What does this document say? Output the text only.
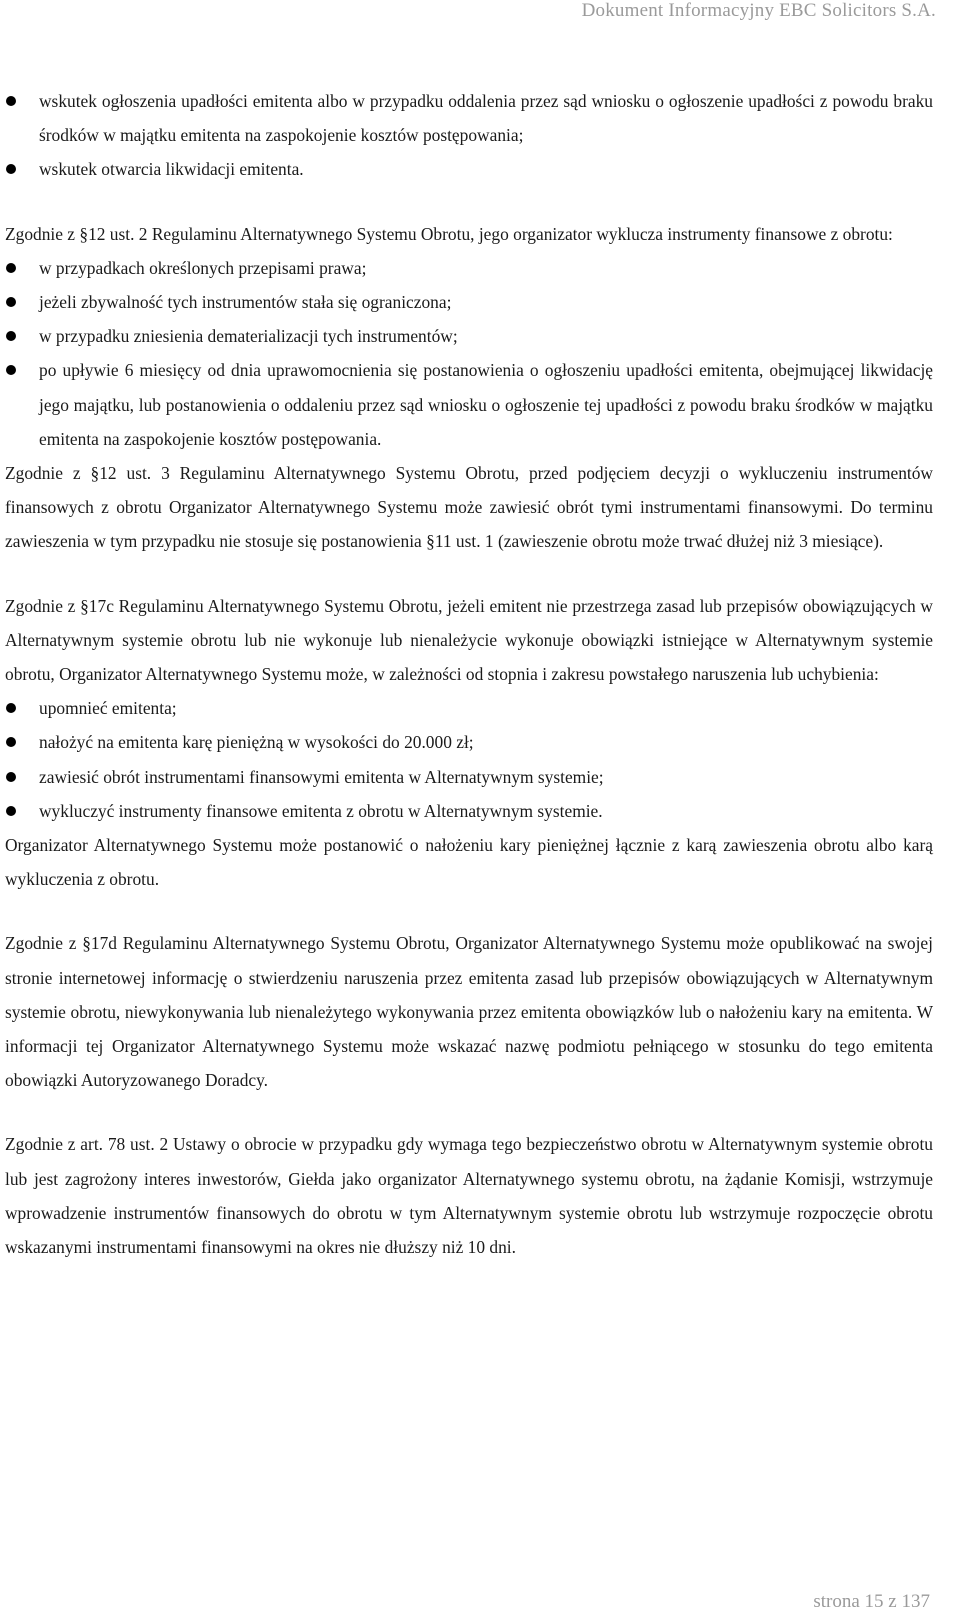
Dokument Informacyjny EBC Solicitors S.A.
wskutek ogłoszenia upadłości emitenta albo w przypadku oddalenia przez sąd wniosku o ogłoszenie upadłości z powodu braku środków w majątku emitenta na zaspokojenie kosztów postępowania;
wskutek otwarcia likwidacji emitenta.

Zgodnie z §12 ust. 2 Regulaminu Alternatywnego Systemu Obrotu, jego organizator wyklucza instrumenty finansowe z obrotu:

w przypadkach określonych przepisami prawa;
jeżeli zbywalność tych instrumentów stała się ograniczona;
w przypadku zniesienia dematerializacji tych instrumentów;
po upływie 6 miesięcy od dnia uprawomocnienia się postanowienia o ogłoszeniu upadłości emitenta, obejmującej likwidację jego majątku, lub postanowienia o oddaleniu przez sąd wniosku o ogłoszenie tej upadłości z powodu braku środków w majątku emitenta na zaspokojenie kosztów postępowania.

Zgodnie z §12 ust. 3 Regulaminu Alternatywnego Systemu Obrotu, przed podjęciem decyzji o wykluczeniu instrumentów finansowych z obrotu Organizator Alternatywnego Systemu może zawiesić obrót tymi instrumentami finansowymi. Do terminu zawieszenia w tym przypadku nie stosuje się postanowienia §11 ust. 1 (zawieszenie obrotu może trwać dłużej niż 3 miesiące).

Zgodnie z §17c Regulaminu Alternatywnego Systemu Obrotu, jeżeli emitent nie przestrzega zasad lub przepisów obowiązujących w Alternatywnym systemie obrotu lub nie wykonuje lub nienależycie wykonuje obowiązki istniejące w Alternatywnym systemie obrotu, Organizator Alternatywnego Systemu może, w zależności od stopnia i zakresu powstałego naruszenia lub uchybienia:

upomnieć emitenta;
nałożyć na emitenta karę pieniężną w wysokości do 20.000 zł;
zawiesić obrót instrumentami finansowymi emitenta w Alternatywnym systemie;
wykluczyć instrumenty finansowe emitenta z obrotu w Alternatywnym systemie.

Organizator Alternatywnego Systemu może postanowić o nałożeniu kary pieniężnej łącznie z karą zawieszenia obrotu albo karą wykluczenia z obrotu.

Zgodnie z §17d Regulaminu Alternatywnego Systemu Obrotu, Organizator Alternatywnego Systemu może opublikować na swojej stronie internetowej informację o stwierdzeniu naruszenia przez emitenta zasad lub przepisów obowiązujących w Alternatywnym systemie obrotu, niewykonywania lub nienależytego wykonywania przez emitenta obowiązków lub o nałożeniu kary na emitenta. W informacji tej Organizator Alternatywnego Systemu może wskazać nazwę podmiotu pełniącego w stosunku do tego emitenta obowiązki Autoryzowanego Doradcy.

Zgodnie z art. 78 ust. 2 Ustawy o obrocie w przypadku gdy wymaga tego bezpieczeństwo obrotu w Alternatywnym systemie obrotu lub jest zagrożony interes inwestorów, Giełda jako organizator Alternatywnego systemu obrotu, na żądanie Komisji, wstrzymuje wprowadzenie instrumentów finansowych do obrotu w tym Alternatywnym systemie obrotu lub wstrzymuje rozpoczęcie obrotu wskazanymi instrumentami finansowymi na okres nie dłuższy niż 10 dni.

strona 15 z 137
